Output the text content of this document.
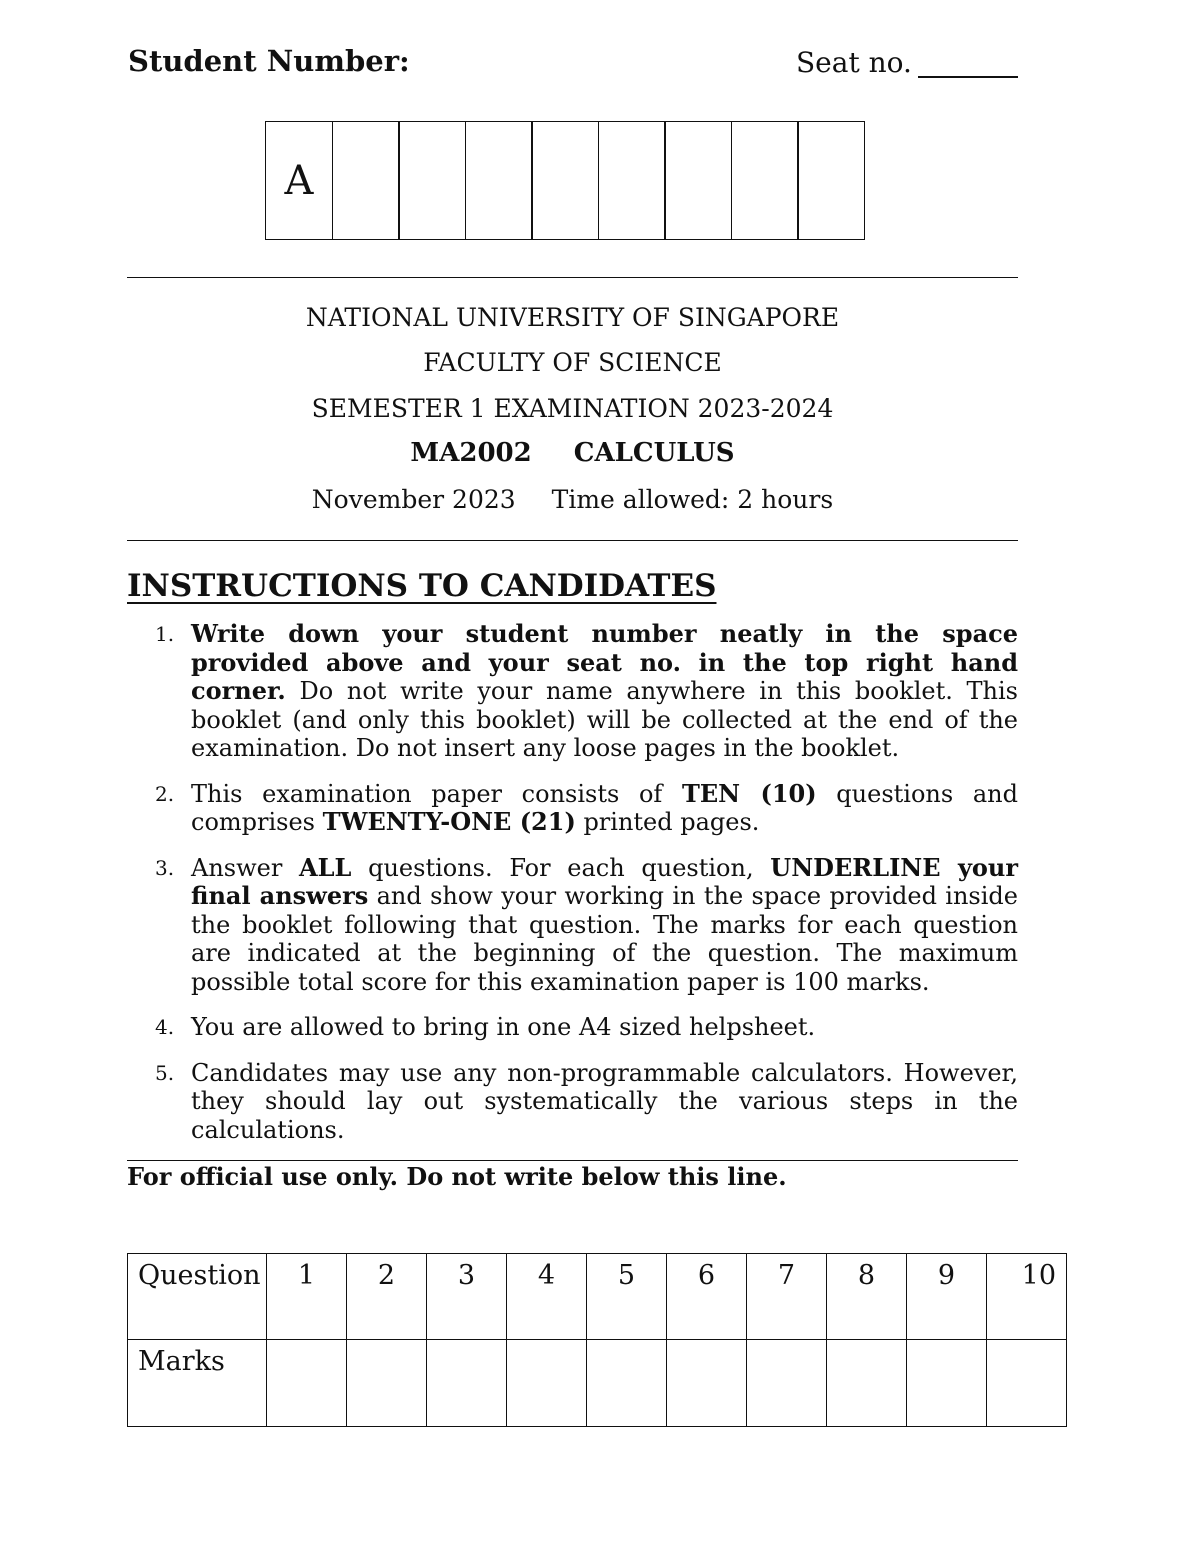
Student Number:	Seat no.
A
NATIONAL UNIVERSITY OF SINGAPORE
FACULTY OF SCIENCE
SEMESTER 1 EXAMINATION 2023-2024
MA2002 CALCULUS
November 2023 Time allowed: 2 hours
INSTRUCTIONS TO CANDIDATES
1. Write down your student number neatly in the space provided above and your seat no. in the top right hand corner. Do not write your name anywhere in this booklet. This booklet (and only this booklet) will be collected at the end of the examination. Do not insert any loose pages in the booklet.
2. This examination paper consists of TEN (10) questions and comprises TWENTY-ONE (21) printed pages.
3. Answer ALL questions. For each question, UNDERLINE your final answers and show your working in the space provided inside the booklet following that question. The marks for each question are indicated at the beginning of the question. The maximum possible total score for this examination paper is 100 marks.
4. You are allowed to bring in one A4 sized helpsheet.
5. Candidates may use any non-programmable calculators. However, they should lay out systematically the various steps in the calculations.
For official use only. Do not write below this line.
Question	1	2	3	4	5	6	7	8	9	10
Marks										
